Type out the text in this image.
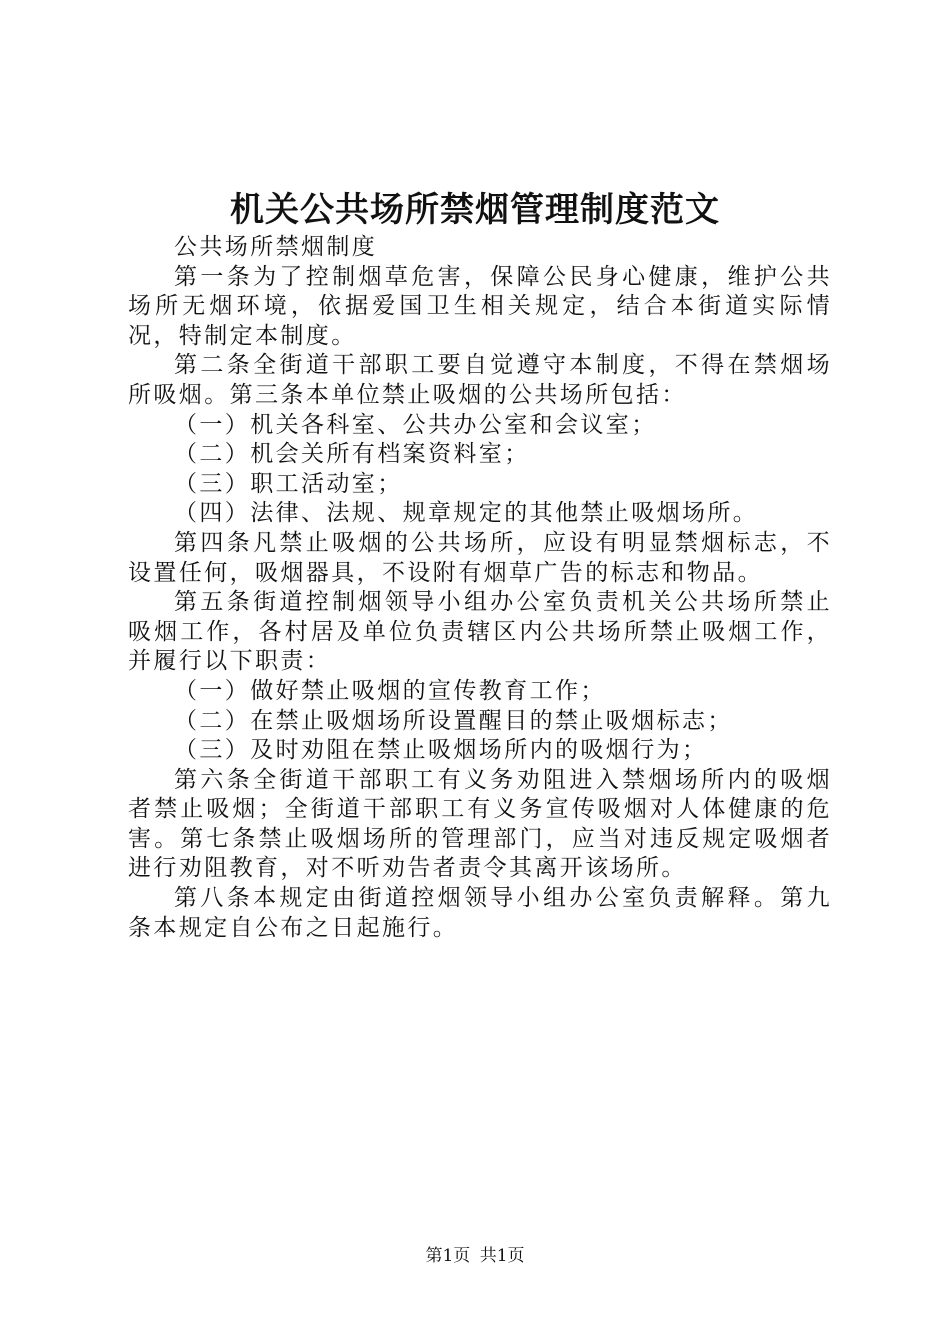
机关公共场所禁烟管理制度范文

公共场所禁烟制度

第一条为了控制烟草危害，保障公民身心健康，维护公共场所无烟环境，依据爱国卫生相关规定，结合本街道实际情况，特制定本制度。

第二条全街道干部职工要自觉遵守本制度，不得在禁烟场所吸烟。第三条本单位禁止吸烟的公共场所包括：

（一）机关各科室、公共办公室和会议室；

（二）机会关所有档案资料室；

（三）职工活动室；

（四）法律、法规、规章规定的其他禁止吸烟场所。

第四条凡禁止吸烟的公共场所，应设有明显禁烟标志，不设置任何，吸烟器具，不设附有烟草广告的标志和物品。

第五条街道控制烟领导小组办公室负责机关公共场所禁止吸烟工作，各村居及单位负责辖区内公共场所禁止吸烟工作，并履行以下职责：

（一）做好禁止吸烟的宣传教育工作；

（二）在禁止吸烟场所设置醒目的禁止吸烟标志；

（三）及时劝阻在禁止吸烟场所内的吸烟行为；

第六条全街道干部职工有义务劝阻进入禁烟场所内的吸烟者禁止吸烟；全街道干部职工有义务宣传吸烟对人体健康的危害。第七条禁止吸烟场所的管理部门，应当对违反规定吸烟者进行劝阻教育，对不听劝告者责令其离开该场所。

第八条本规定由街道控烟领导小组办公室负责解释。第九条本规定自公布之日起施行。

第1页 共1页
